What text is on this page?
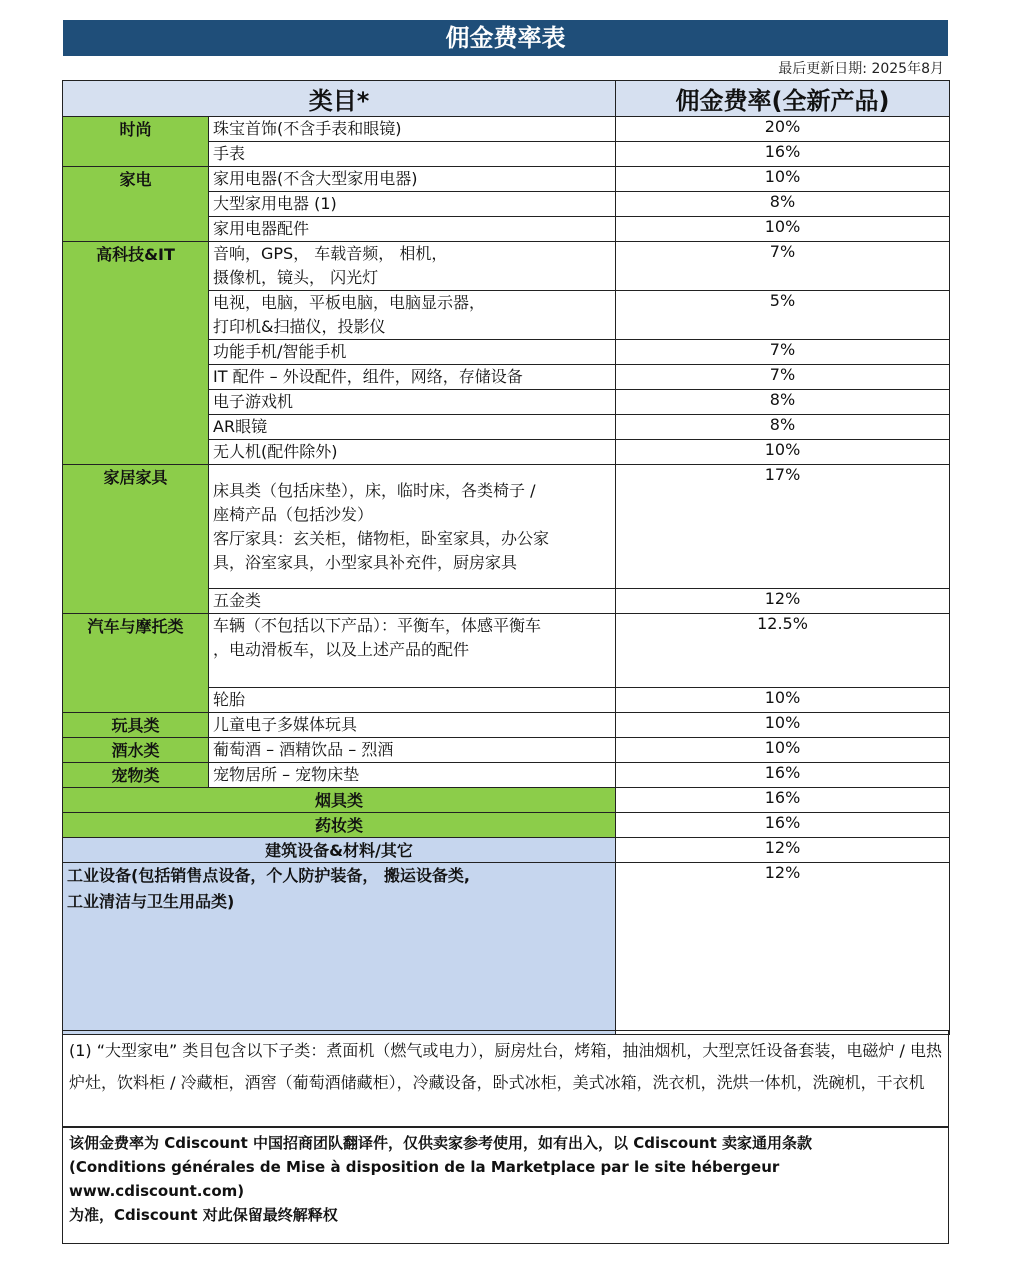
佣金费率表
最后更新日期: 2025年8月
类目*		佣金费率(全新产品)
时尚	珠宝首饰(不含手表和眼镜)	20%
	手表	16%
家电	家用电器(不含大型家用电器)	10%
	大型家用电器 (1)	8%
	家用电器配件	10%
高科技&IT	音响，GPS， 车载音频， 相机，
摄像机，镜头， 闪光灯	7%
	电视，电脑，平板电脑，电脑显示器，
打印机&扫描仪，投影仪	5%
	功能手机/智能手机	7%
	IT 配件 – 外设配件，组件，网络，存储设备	7%
	电子游戏机	8%
	AR眼镜	8%
	无人机(配件除外)	10%
家居家具	床具类（包括床垫），床，临时床，各类椅子 /
座椅产品（包括沙发）
客厅家具：玄关柜，储物柜，卧室家具，办公家
具，浴室家具，小型家具补充件，厨房家具	17%
	五金类	12%
汽车与摩托类	车辆（不包括以下产品）：平衡车，体感平衡车
，电动滑板车，以及上述产品的配件	12.5%
	轮胎	10%
玩具类	儿童电子多媒体玩具	10%
酒水类	葡萄酒 – 酒精饮品 – 烈酒	10%
宠物类	宠物居所 – 宠物床垫	16%
烟具类		16%
药妆类		16%
建筑设备&材料/其它		12%
工业设备(包括销售点设备，个人防护装备， 搬运设备类,
工业清洁与卫生用品类)		12%
(1) “大型家电” 类目包含以下子类：煮面机（燃气或电力），厨房灶台，烤箱，抽油烟机，大型烹饪设备套装，电磁炉 / 电热炉灶，饮料柜 / 冷藏柜，酒窖（葡萄酒储藏柜），冷藏设备，卧式冰柜，美式冰箱，洗衣机，洗烘一体机，洗碗机，干衣机
该佣金费率为 Cdiscount 中国招商团队翻译件，仅供卖家参考使用，如有出入，以 Cdiscount 卖家通用条款
(Conditions générales de Mise à disposition de la Marketplace par le site hébergeur www.cdiscount.com)
为准，Cdiscount 对此保留最终解释权
